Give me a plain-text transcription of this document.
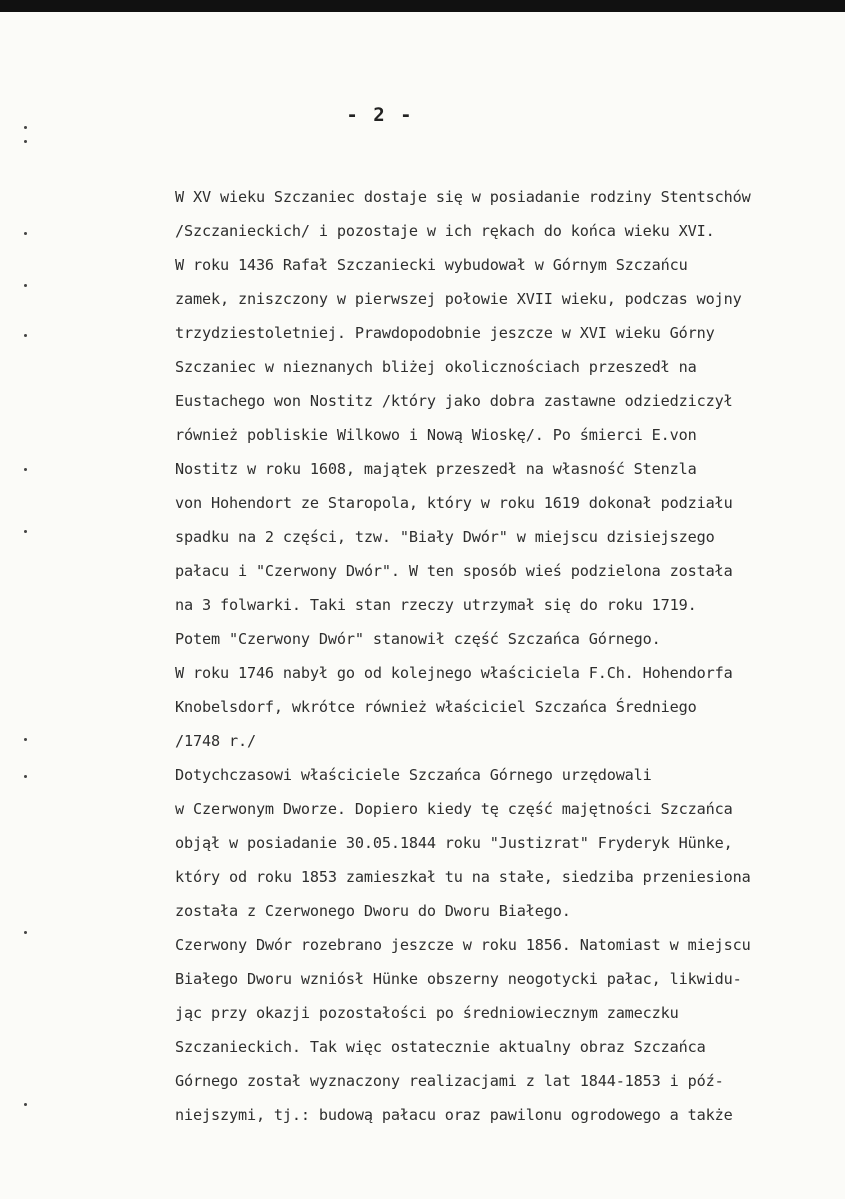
- 2 -
W XV wieku Szczaniec dostaje się w posiadanie rodziny Stentschów
/Szczanieckich/ i pozostaje w ich rękach do końca wieku XVI.
W roku 1436 Rafał Szczaniecki wybudował w Górnym Szczańcu
zamek, zniszczony w pierwszej połowie XVII wieku, podczas wojny
trzydziestoletniej. Prawdopodobnie jeszcze w XVI wieku Górny
Szczaniec w nieznanych bliżej okolicznościach przeszedł na
Eustachego won Nostitz /który jako dobra zastawne odziedziczył
również pobliskie Wilkowo i Nową Wioskę/. Po śmierci E.von
Nostitz w roku 1608, majątek przeszedł na własność Stenzla
von Hohendort ze Staropola, który w roku 1619 dokonał podziału
spadku na 2 części, tzw. "Biały Dwór" w miejscu dzisiejszego
pałacu i "Czerwony Dwór". W ten sposób wieś podzielona została
na 3 folwarki. Taki stan rzeczy utrzymał się do roku 1719.
Potem "Czerwony Dwór" stanowił część Szczańca Górnego.
W roku 1746 nabył go od kolejnego właściciela F.Ch. Hohendorfa
Knobelsdorf, wkrótce również właściciel Szczańca Średniego
/1748 r./
Dotychczasowi właściciele Szczańca Górnego urzędowali
w Czerwonym Dworze. Dopiero kiedy tę część majętności Szczańca
objął w posiadanie 30.05.1844 roku "Justizrat" Fryderyk Hünke,
który od roku 1853 zamieszkał tu na stałe, siedziba przeniesiona
została z Czerwonego Dworu do Dworu Białego.
Czerwony Dwór rozebrano jeszcze w roku 1856. Natomiast w miejscu
Białego Dworu wzniósł Hünke obszerny neogotycki pałac, likwidu-
jąc przy okazji pozostałości po średniowiecznym zameczku
Szczanieckich. Tak więc ostatecznie aktualny obraz Szczańca
Górnego został wyznaczony realizacjami z lat 1844-1853 i póź-
niejszymi, tj.: budową pałacu oraz pawilonu ogrodowego a także
